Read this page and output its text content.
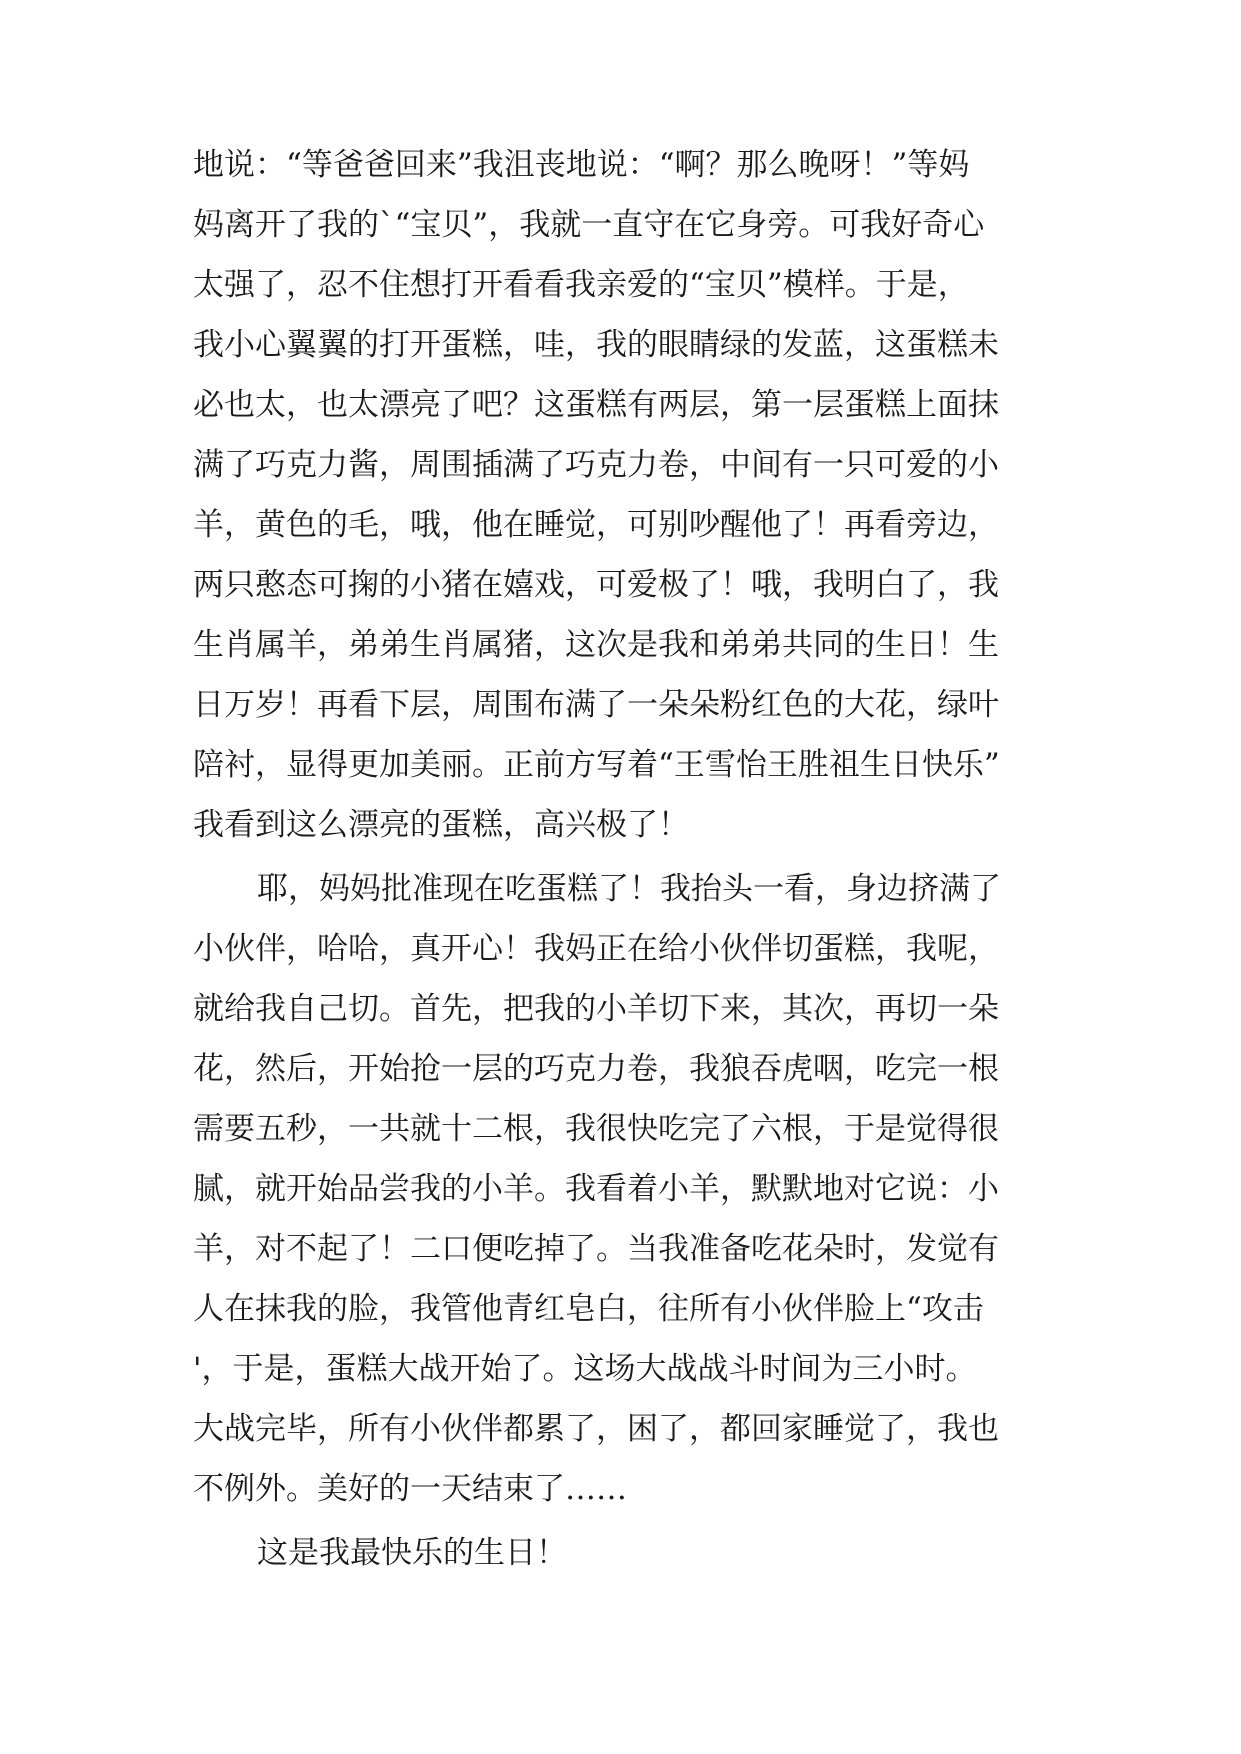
地说：“等爸爸回来”我沮丧地说：“啊？那么晚呀！”等妈

妈离开了我的`“宝贝”，我就一直守在它身旁。可我好奇心

太强了，忍不住想打开看看我亲爱的“宝贝”模样。于是，

我小心翼翼的打开蛋糕，哇，我的眼睛绿的发蓝，这蛋糕未

必也太，也太漂亮了吧？这蛋糕有两层，第一层蛋糕上面抹

满了巧克力酱，周围插满了巧克力卷，中间有一只可爱的小

羊，黄色的毛，哦，他在睡觉，可别吵醒他了！再看旁边，

两只憨态可掬的小猪在嬉戏，可爱极了！哦，我明白了，我

生肖属羊，弟弟生肖属猪，这次是我和弟弟共同的生日！生

日万岁！再看下层，周围布满了一朵朵粉红色的大花，绿叶

陪衬，显得更加美丽。正前方写着“王雪怡王胜祖生日快乐”

我看到这么漂亮的蛋糕，高兴极了！

耶，妈妈批准现在吃蛋糕了！我抬头一看，身边挤满了

小伙伴，哈哈，真开心！我妈正在给小伙伴切蛋糕，我呢，

就给我自己切。首先，把我的小羊切下来，其次，再切一朵

花，然后，开始抢一层的巧克力卷，我狼吞虎咽，吃完一根

需要五秒，一共就十二根，我很快吃完了六根，于是觉得很

腻，就开始品尝我的小羊。我看着小羊，默默地对它说：小

羊，对不起了！二口便吃掉了。当我准备吃花朵时，发觉有

人在抹我的脸，我管他青红皂白，往所有小伙伴脸上“攻击

'，于是，蛋糕大战开始了。这场大战战斗时间为三小时。

大战完毕，所有小伙伴都累了，困了，都回家睡觉了，我也

不例外。美好的一天结束了……

这是我最快乐的生日！
